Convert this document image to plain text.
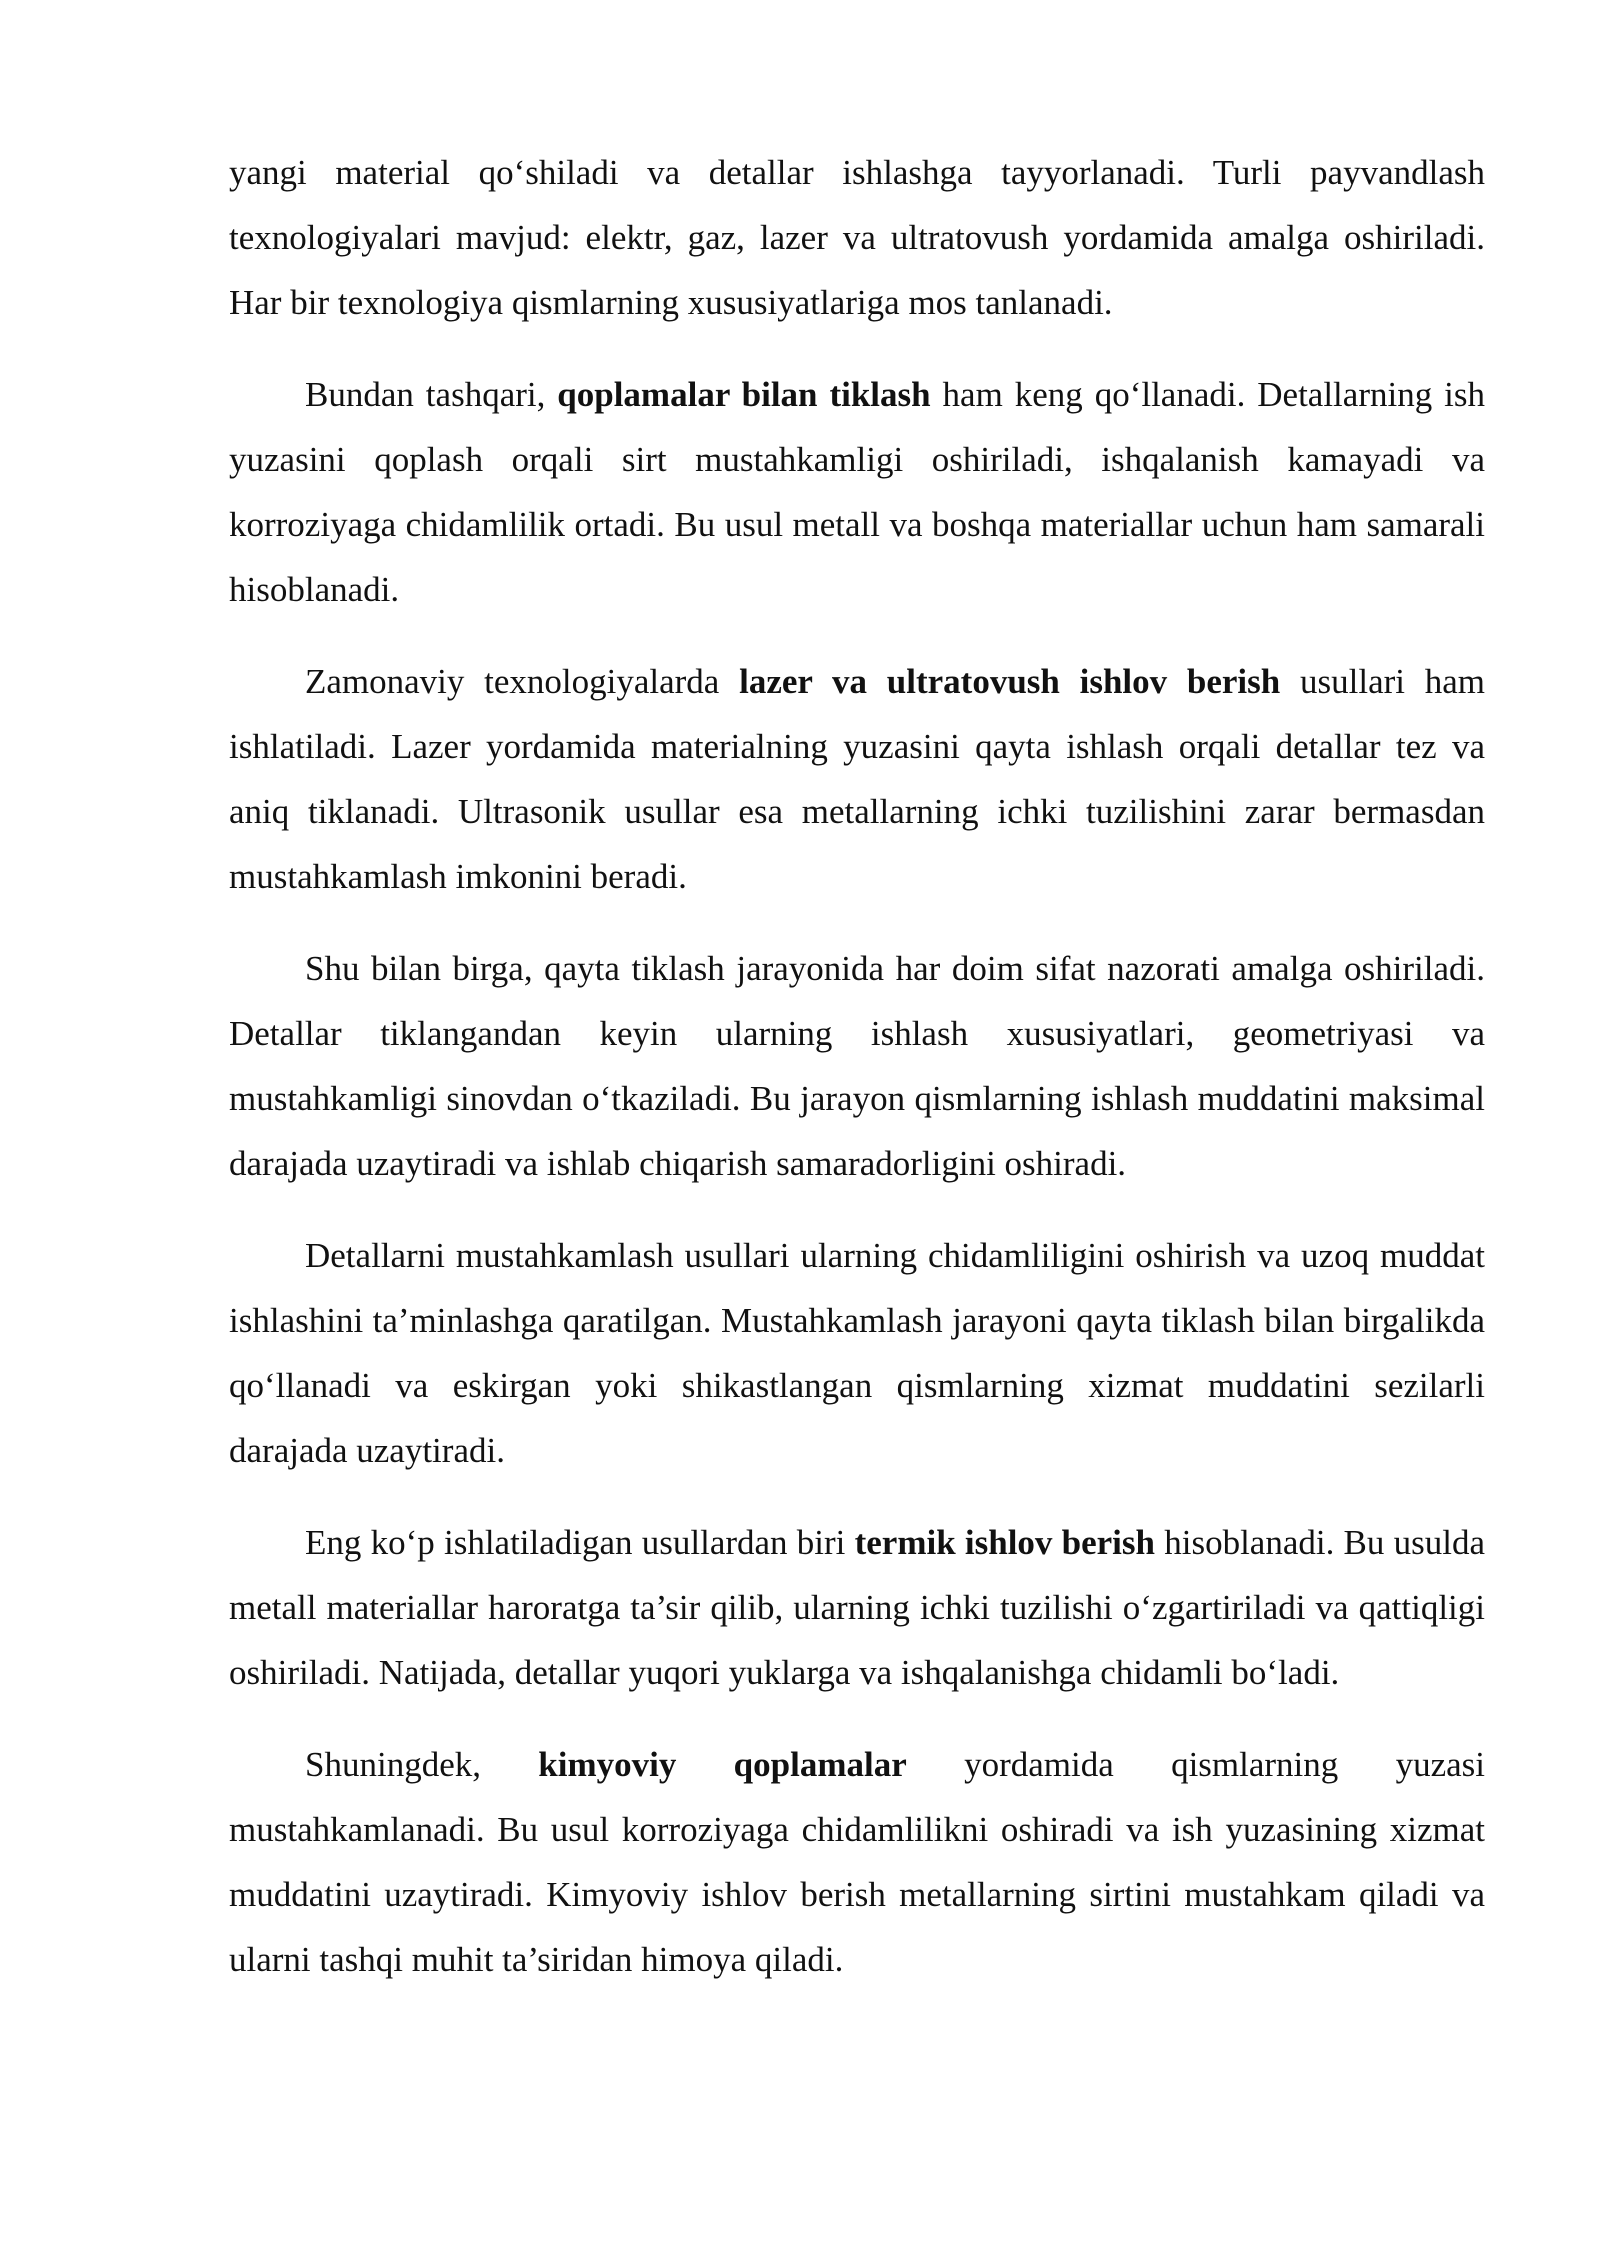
yangi material qo‘shiladi va detallar ishlashga tayyorlanadi. Turli payvandlash texnologiyalari mavjud: elektr, gaz, lazer va ultratovush yordamida amalga oshiriladi. Har bir texnologiya qismlarning xususiyatlariga mos tanlanadi.

Bundan tashqari, qoplamalar bilan tiklash ham keng qo‘llanadi. Detallarning ish yuzasini qoplash orqali sirt mustahkamligi oshiriladi, ishqalanish kamayadi va korroziyaga chidamlilik ortadi. Bu usul metall va boshqa materiallar uchun ham samarali hisoblanadi.

Zamonaviy texnologiyalarda lazer va ultratovush ishlov berish usullari ham ishlatiladi. Lazer yordamida materialning yuzasini qayta ishlash orqali detallar tez va aniq tiklanadi. Ultrasonik usullar esa metallarning ichki tuzilishini zarar bermasdan mustahkamlash imkonini beradi.

Shu bilan birga, qayta tiklash jarayonida har doim sifat nazorati amalga oshiriladi. Detallar tiklangandan keyin ularning ishlash xususiyatlari, geometriyasi va mustahkamligi sinovdan o‘tkaziladi. Bu jarayon qismlarning ishlash muddatini maksimal darajada uzaytiradi va ishlab chiqarish samaradorligini oshiradi.

Detallarni mustahkamlash usullari ularning chidamliligini oshirish va uzoq muddat ishlashini ta’minlashga qaratilgan. Mustahkamlash jarayoni qayta tiklash bilan birgalikda qo‘llanadi va eskirgan yoki shikastlangan qismlarning xizmat muddatini sezilarli darajada uzaytiradi.

Eng ko‘p ishlatiladigan usullardan biri termik ishlov berish hisoblanadi. Bu usulda metall materiallar haroratga ta’sir qilib, ularning ichki tuzilishi o‘zgartiriladi va qattiqligi oshiriladi. Natijada, detallar yuqori yuklarga va ishqalanishga chidamli bo‘ladi.

Shuningdek, kimyoviy qoplamalar yordamida qismlarning yuzasi mustahkamlanadi. Bu usul korroziyaga chidamlilikni oshiradi va ish yuzasining xizmat muddatini uzaytiradi. Kimyoviy ishlov berish metallarning sirtini mustahkam qiladi va ularni tashqi muhit ta’siridan himoya qiladi.
